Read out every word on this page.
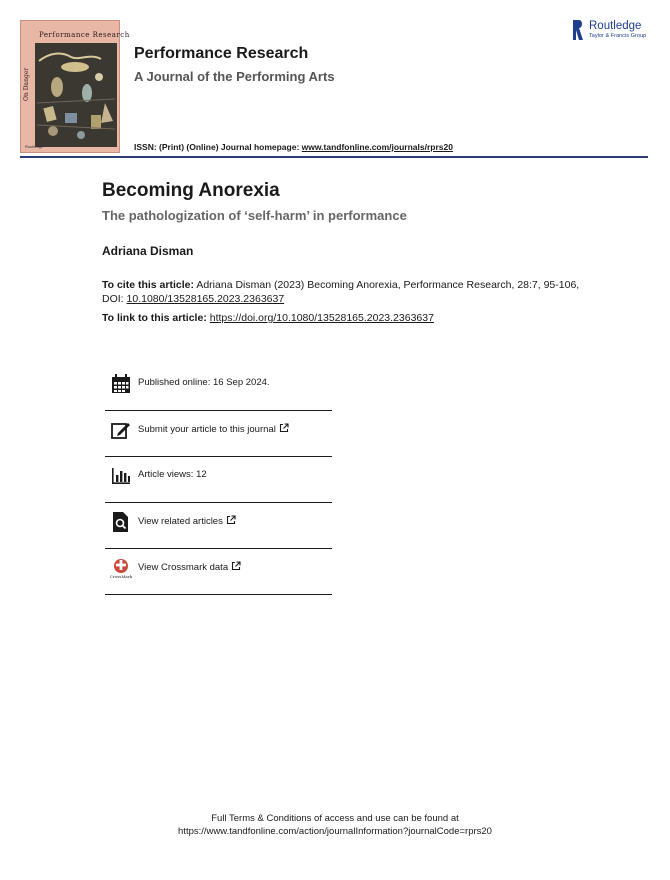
Performance Research
On Danger
Routledge
Performance Research
A Journal of the Performing Arts
ISSN: (Print) (Online) Journal homepage: www.tandfonline.com/journals/rprs20
Routledge
Taylor & Francis Group
Becoming Anorexia
The pathologization of ‘self-harm’ in performance
Adriana Disman
To cite this article: Adriana Disman (2023) Becoming Anorexia, Performance Research, 28:7, 95-106, DOI: 10.1080/13528165.2023.2363637
To link to this article: https://doi.org/10.1080/13528165.2023.2363637
Published online: 16 Sep 2024.
Submit your article to this journal
Article views: 12
View related articles
CrossMark
View Crossmark data
Full Terms & Conditions of access and use can be found at
https://www.tandfonline.com/action/journalInformation?journalCode=rprs20
